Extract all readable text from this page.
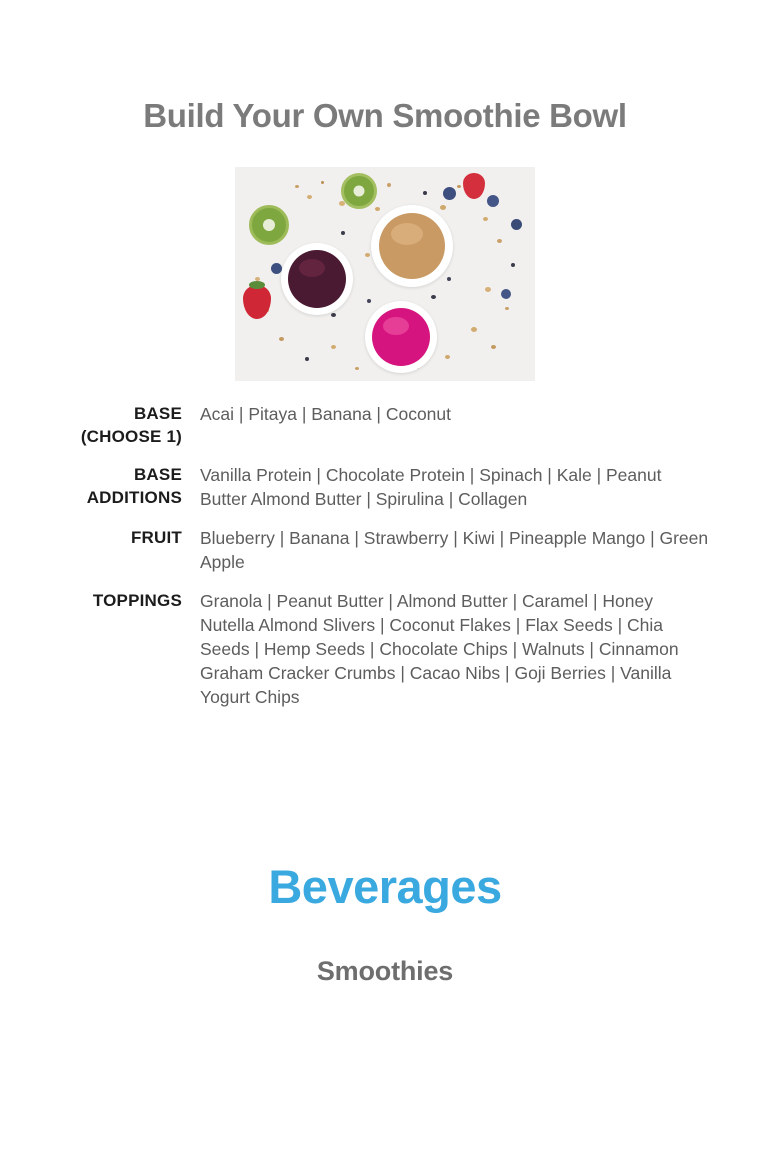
Build Your Own Smoothie Bowl
BASE
(CHOOSE 1)
Acai | Pitaya | Banana | Coconut
BASE
ADDITIONS
Vanilla Protein | Chocolate Protein | Spinach | Kale | Peanut Butter Almond Butter | Spirulina | Collagen
FRUIT	Blueberry | Banana | Strawberry | Kiwi | Pineapple Mango | Green Apple
TOPPINGS	Granola | Peanut Butter | Almond Butter | Caramel | Honey Nutella Almond Slivers | Coconut Flakes | Flax Seeds | Chia Seeds | Hemp Seeds | Chocolate Chips | Walnuts | Cinnamon Graham Cracker Crumbs | Cacao Nibs | Goji Berries | Vanilla Yogurt Chips
Beverages
Smoothies
